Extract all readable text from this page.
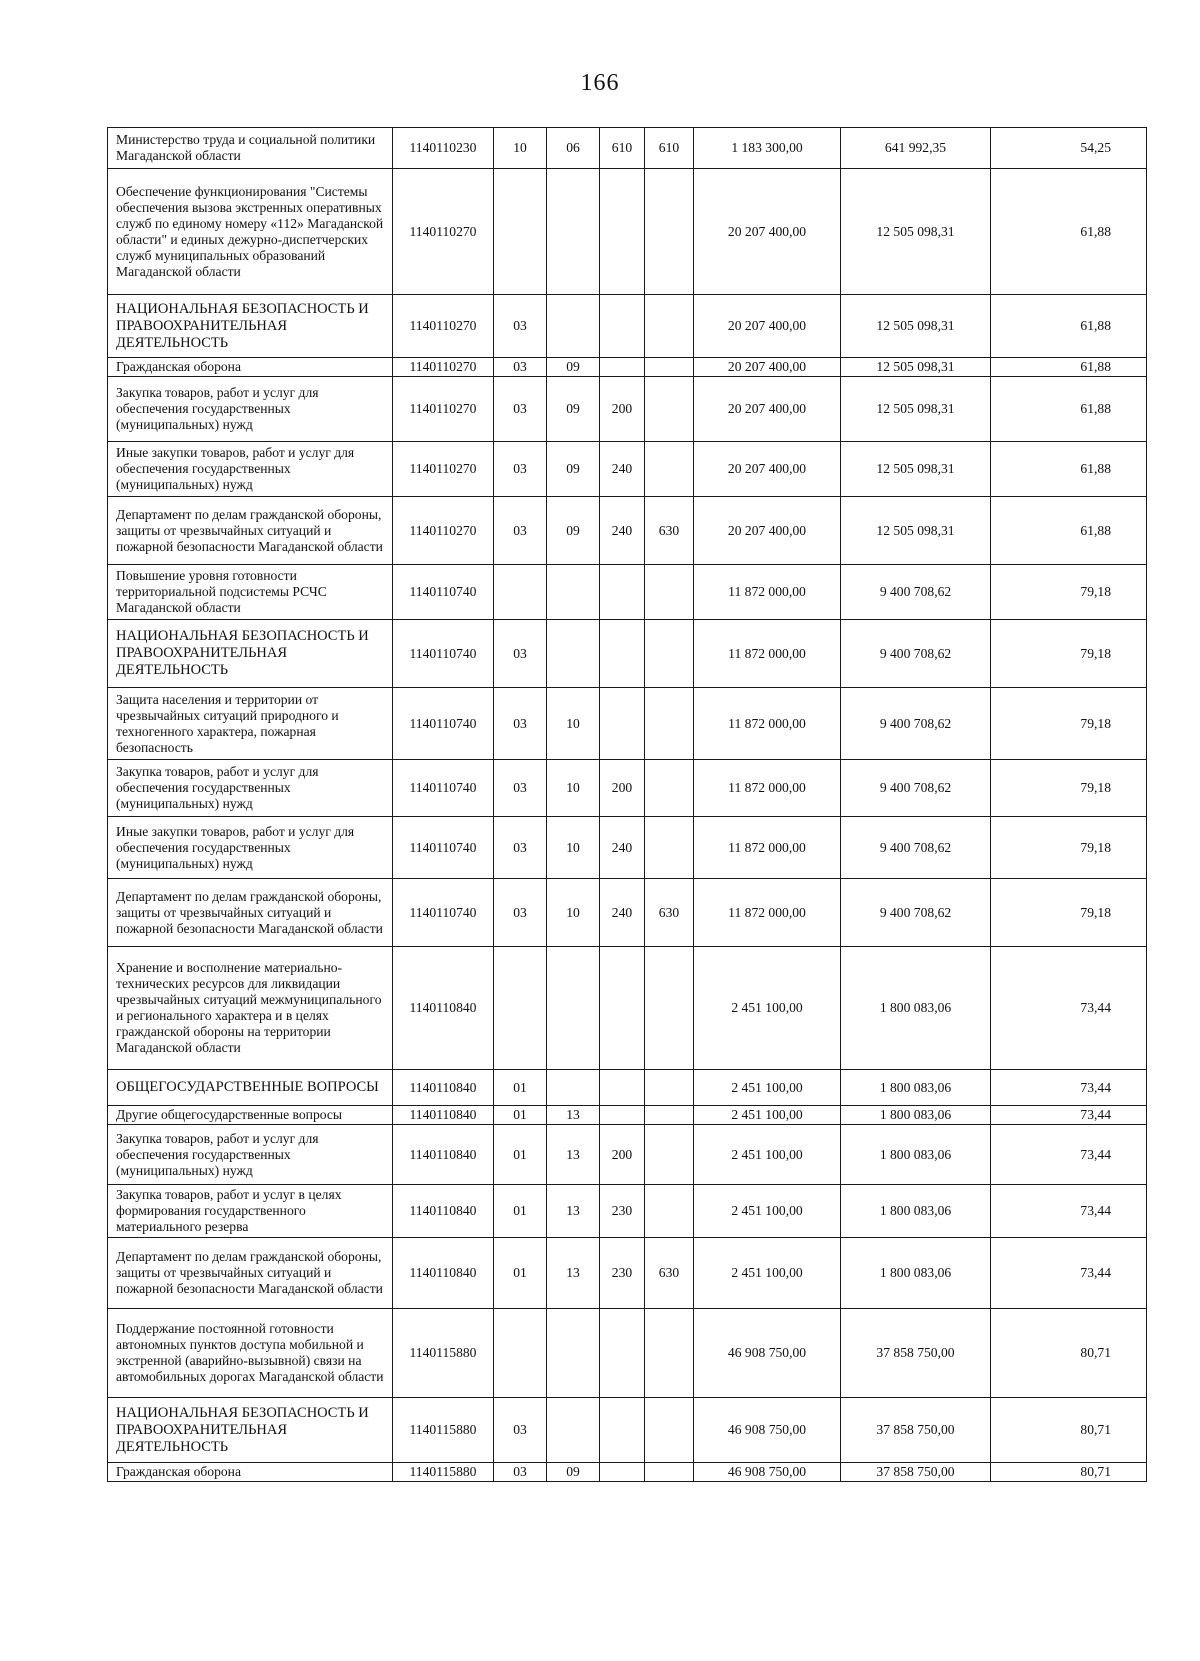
166
Министерство труда и социальной политики Магаданской области	1140110230	10	06	610	610	1 183 300,00	641 992,35	54,25
Обеспечение функционирования "Системы обеспечения вызова экстренных оперативных служб по единому номеру «112» Магаданской области" и единых дежурно-диспетчерских служб муниципальных образований Магаданской области	1140110270					20 207 400,00	12 505 098,31	61,88
НАЦИОНАЛЬНАЯ БЕЗОПАСНОСТЬ И ПРАВООХРАНИТЕЛЬНАЯ ДЕЯТЕЛЬНОСТЬ	1140110270	03				20 207 400,00	12 505 098,31	61,88
Гражданская оборона	1140110270	03	09			20 207 400,00	12 505 098,31	61,88
Закупка товаров, работ и услуг для обеспечения государственных (муниципальных) нужд	1140110270	03	09	200		20 207 400,00	12 505 098,31	61,88
Иные закупки товаров, работ и услуг для обеспечения государственных (муниципальных) нужд	1140110270	03	09	240		20 207 400,00	12 505 098,31	61,88
Департамент по делам гражданской обороны, защиты от чрезвычайных ситуаций и пожарной безопасности Магаданской области	1140110270	03	09	240	630	20 207 400,00	12 505 098,31	61,88
Повышение уровня готовности территориальной подсистемы РСЧС Магаданской области	1140110740					11 872 000,00	9 400 708,62	79,18
НАЦИОНАЛЬНАЯ БЕЗОПАСНОСТЬ И ПРАВООХРАНИТЕЛЬНАЯ ДЕЯТЕЛЬНОСТЬ	1140110740	03				11 872 000,00	9 400 708,62	79,18
Защита населения и территории от чрезвычайных ситуаций природного и техногенного характера, пожарная безопасность	1140110740	03	10			11 872 000,00	9 400 708,62	79,18
Закупка товаров, работ и услуг для обеспечения государственных (муниципальных) нужд	1140110740	03	10	200		11 872 000,00	9 400 708,62	79,18
Иные закупки товаров, работ и услуг для обеспечения государственных (муниципальных) нужд	1140110740	03	10	240		11 872 000,00	9 400 708,62	79,18
Департамент по делам гражданской обороны, защиты от чрезвычайных ситуаций и пожарной безопасности Магаданской области	1140110740	03	10	240	630	11 872 000,00	9 400 708,62	79,18
Хранение и восполнение материально-технических ресурсов для ликвидации чрезвычайных ситуаций межмуниципального и регионального характера и в целях гражданской обороны на территории Магаданской области	1140110840					2 451 100,00	1 800 083,06	73,44
ОБЩЕГОСУДАРСТВЕННЫЕ ВОПРОСЫ	1140110840	01				2 451 100,00	1 800 083,06	73,44
Другие общегосударственные вопросы	1140110840	01	13			2 451 100,00	1 800 083,06	73,44
Закупка товаров, работ и услуг для обеспечения государственных (муниципальных) нужд	1140110840	01	13	200		2 451 100,00	1 800 083,06	73,44
Закупка товаров, работ и услуг в целях формирования государственного материального резерва	1140110840	01	13	230		2 451 100,00	1 800 083,06	73,44
Департамент по делам гражданской обороны, защиты от чрезвычайных ситуаций и пожарной безопасности Магаданской области	1140110840	01	13	230	630	2 451 100,00	1 800 083,06	73,44
Поддержание постоянной готовности автономных пунктов доступа мобильной и экстренной (аварийно-вызывной) связи на автомобильных дорогах Магаданской области	1140115880					46 908 750,00	37 858 750,00	80,71
НАЦИОНАЛЬНАЯ БЕЗОПАСНОСТЬ И ПРАВООХРАНИТЕЛЬНАЯ ДЕЯТЕЛЬНОСТЬ	1140115880	03				46 908 750,00	37 858 750,00	80,71
Гражданская оборона	1140115880	03	09			46 908 750,00	37 858 750,00	80,71
